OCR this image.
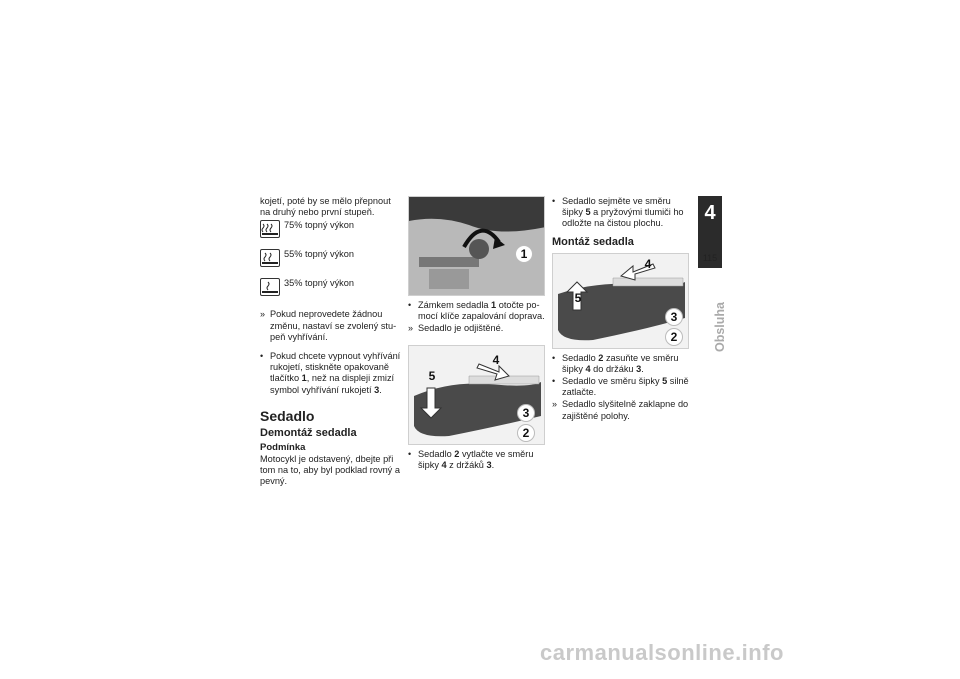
kojetí, poté by se mělo přepnout na druhý nebo první stupeň.

75% topný výkon
55% topný výkon
35% topný výkon
» Pokud neprovedete žádnou změnu, nastaví se zvolený stu-peň vyhřívání.
• Pokud chcete vypnout vyhřívání rukojetí, stiskněte opakovaně tlačítko 1, než na displeji zmizí symbol vyhřívání rukojetí 3.
Sedadlo
Demontáž sedadla
Podmínka

Motocykl je odstavený, dbejte při tom na to, aby byl podklad rovný a pevný.

1
• Zámkem sedadla 1 otočte po-mocí klíče zapalování doprava.
» Sedadlo je odjištěné.
5
4
3
2
• Sedadlo 2 vytlačte ve směru šipky 4 z držáků 3.
• Sedadlo sejměte ve směru šipky 5 a pryžovými tlumiči ho odložte na čistou plochu.
Montáž sedadla
5
4
3
2
• Sedadlo 2 zasuňte ve směru šipky 4 do držáku 3.
• Sedadlo ve směru šipky 5 silně zatlačte.
» Sedadlo slyšitelně zaklapne do zajištěné polohy.
4
115
Obsluha
carmanualsonline.info
